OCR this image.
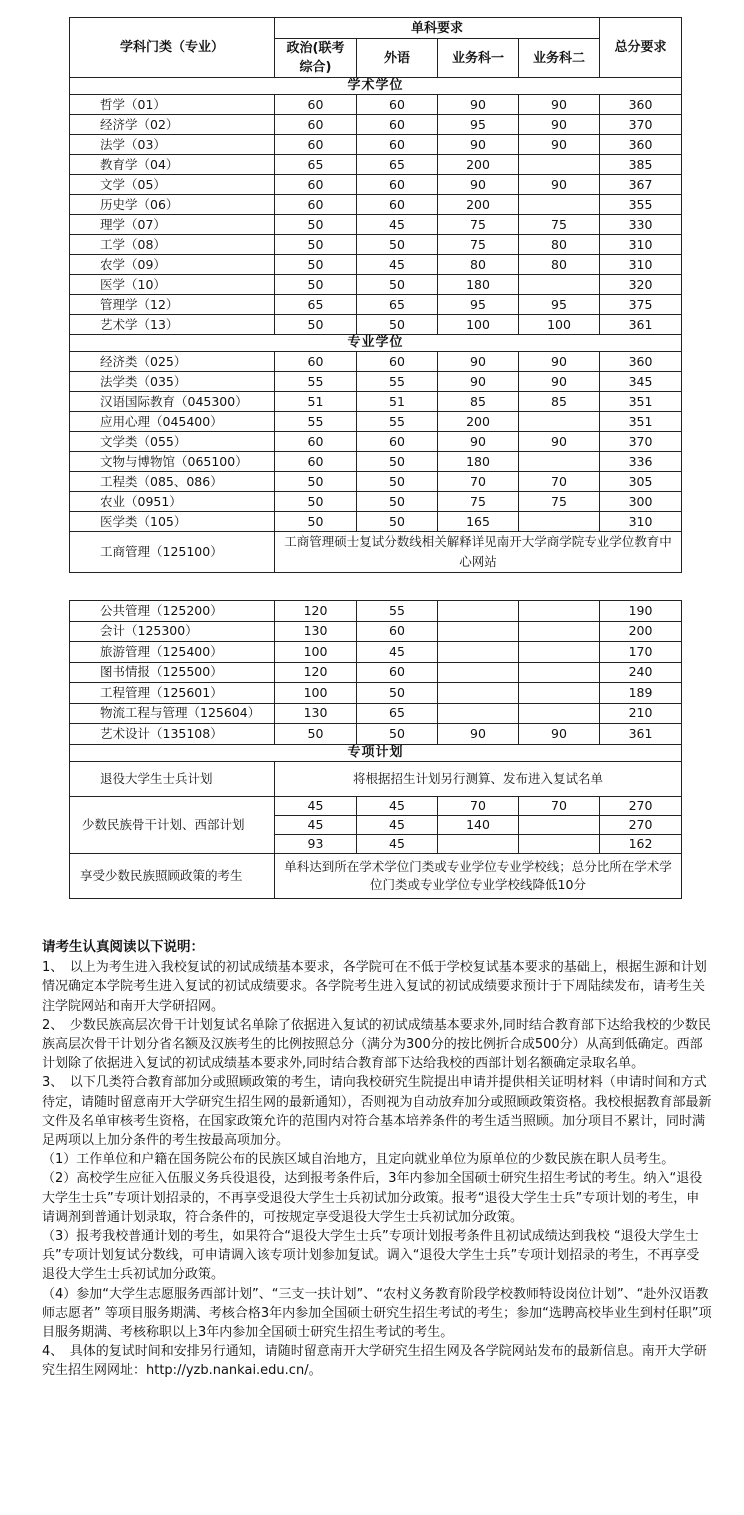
学科门类（专业）	单科要求				总分要求
	政治(联考综合)	外语	业务科一	业务科二	
学术学位					
哲学（01）	60	60	90	90	360
经济学（02）	60	60	95	90	370
法学（03）	60	60	90	90	360
教育学（04）	65	65	200		385
文学（05）	60	60	90	90	367
历史学（06）	60	60	200		355
理学（07）	50	45	75	75	330
工学（08）	50	50	75	80	310
农学（09）	50	45	80	80	310
医学（10）	50	50	180		320
管理学（12）	65	65	95	95	375
艺术学（13）	50	50	100	100	361
专业学位					
经济类（025）	60	60	90	90	360
法学类（035）	55	55	90	90	345
汉语国际教育（045300）	51	51	85	85	351
应用心理（045400）	55	55	200		351
文学类（055）	60	60	90	90	370
文物与博物馆（065100）	60	50	180		336
工程类（085、086）	50	50	70	70	305
农业（0951）	50	50	75	75	300
医学类（105）	50	50	165		310
工商管理（125100）	工商管理硕士复试分数线相关解释详见南开大学商学院专业学位教育中心网站				
公共管理（125200）	120	55			190
会计（125300）	130	60			200
旅游管理（125400）	100	45			170
图书情报（125500）	120	60			240
工程管理（125601）	100	50			189
物流工程与管理（125604）	130	65			210
艺术设计（135108）	50	50	90	90	361
专项计划					
退役大学生士兵计划	将根据招生计划另行测算、发布进入复试名单				
少数民族骨干计划、西部计划	45	45	70	70	270
	45	45	140		270
	93	45			162
享受少数民族照顾政策的考生	单科达到所在学术学位门类或专业学位专业学校线；总分比所在学术学位门类或专业学位专业学校线降低10分				

请考生认真阅读以下说明：

1、　以上为考生进入我校复试的初试成绩基本要求，各学院可在不低于学校复试基本要求的基础上，根据生源和计划情况确定本学院考生进入复试的初试成绩要求。各学院考生进入复试的初试成绩要求预计于下周陆续发布，请考生关注学院网站和南开大学研招网。

2、　少数民族高层次骨干计划复试名单除了依据进入复试的初试成绩基本要求外,同时结合教育部下达给我校的少数民族高层次骨干计划分省名额及汉族考生的比例按照总分（满分为300分的按比例折合成500分）从高到低确定。西部计划除了依据进入复试的初试成绩基本要求外,同时结合教育部下达给我校的西部计划名额确定录取名单。

3、　以下几类符合教育部加分或照顾政策的考生，请向我校研究生院提出申请并提供相关证明材料（申请时间和方式待定，请随时留意南开大学研究生招生网的最新通知），否则视为自动放弃加分或照顾政策资格。我校根据教育部最新文件及名单审核考生资格，在国家政策允许的范围内对符合基本培养条件的考生适当照顾。加分项目不累计，同时满足两项以上加分条件的考生按最高项加分。

（1）工作单位和户籍在国务院公布的民族区域自治地方，且定向就业单位为原单位的少数民族在职人员考生。

（2）高校学生应征入伍服义务兵役退役，达到报考条件后，3年内参加全国硕士研究生招生考试的考生。纳入“退役大学生士兵”专项计划招录的，不再享受退役大学生士兵初试加分政策。报考“退役大学生士兵”专项计划的考生，申请调剂到普通计划录取，符合条件的，可按规定享受退役大学生士兵初试加分政策。

（3）报考我校普通计划的考生，如果符合“退役大学生士兵”专项计划报考条件且初试成绩达到我校 “退役大学生士兵”专项计划复试分数线，可申请调入该专项计划参加复试。调入“退役大学生士兵”专项计划招录的考生，不再享受退役大学生士兵初试加分政策。

（4）参加“大学生志愿服务西部计划”、“三支一扶计划”、“农村义务教育阶段学校教师特设岗位计划”、“赴外汉语教师志愿者” 等项目服务期满、考核合格3年内参加全国硕士研究生招生考试的考生；参加“选聘高校毕业生到村任职”项目服务期满、考核称职以上3年内参加全国硕士研究生招生考试的考生。

4、　具体的复试时间和安排另行通知，请随时留意南开大学研究生招生网及各学院网站发布的最新信息。南开大学研究生招生网网址：http://yzb.nankai.edu.cn/。
